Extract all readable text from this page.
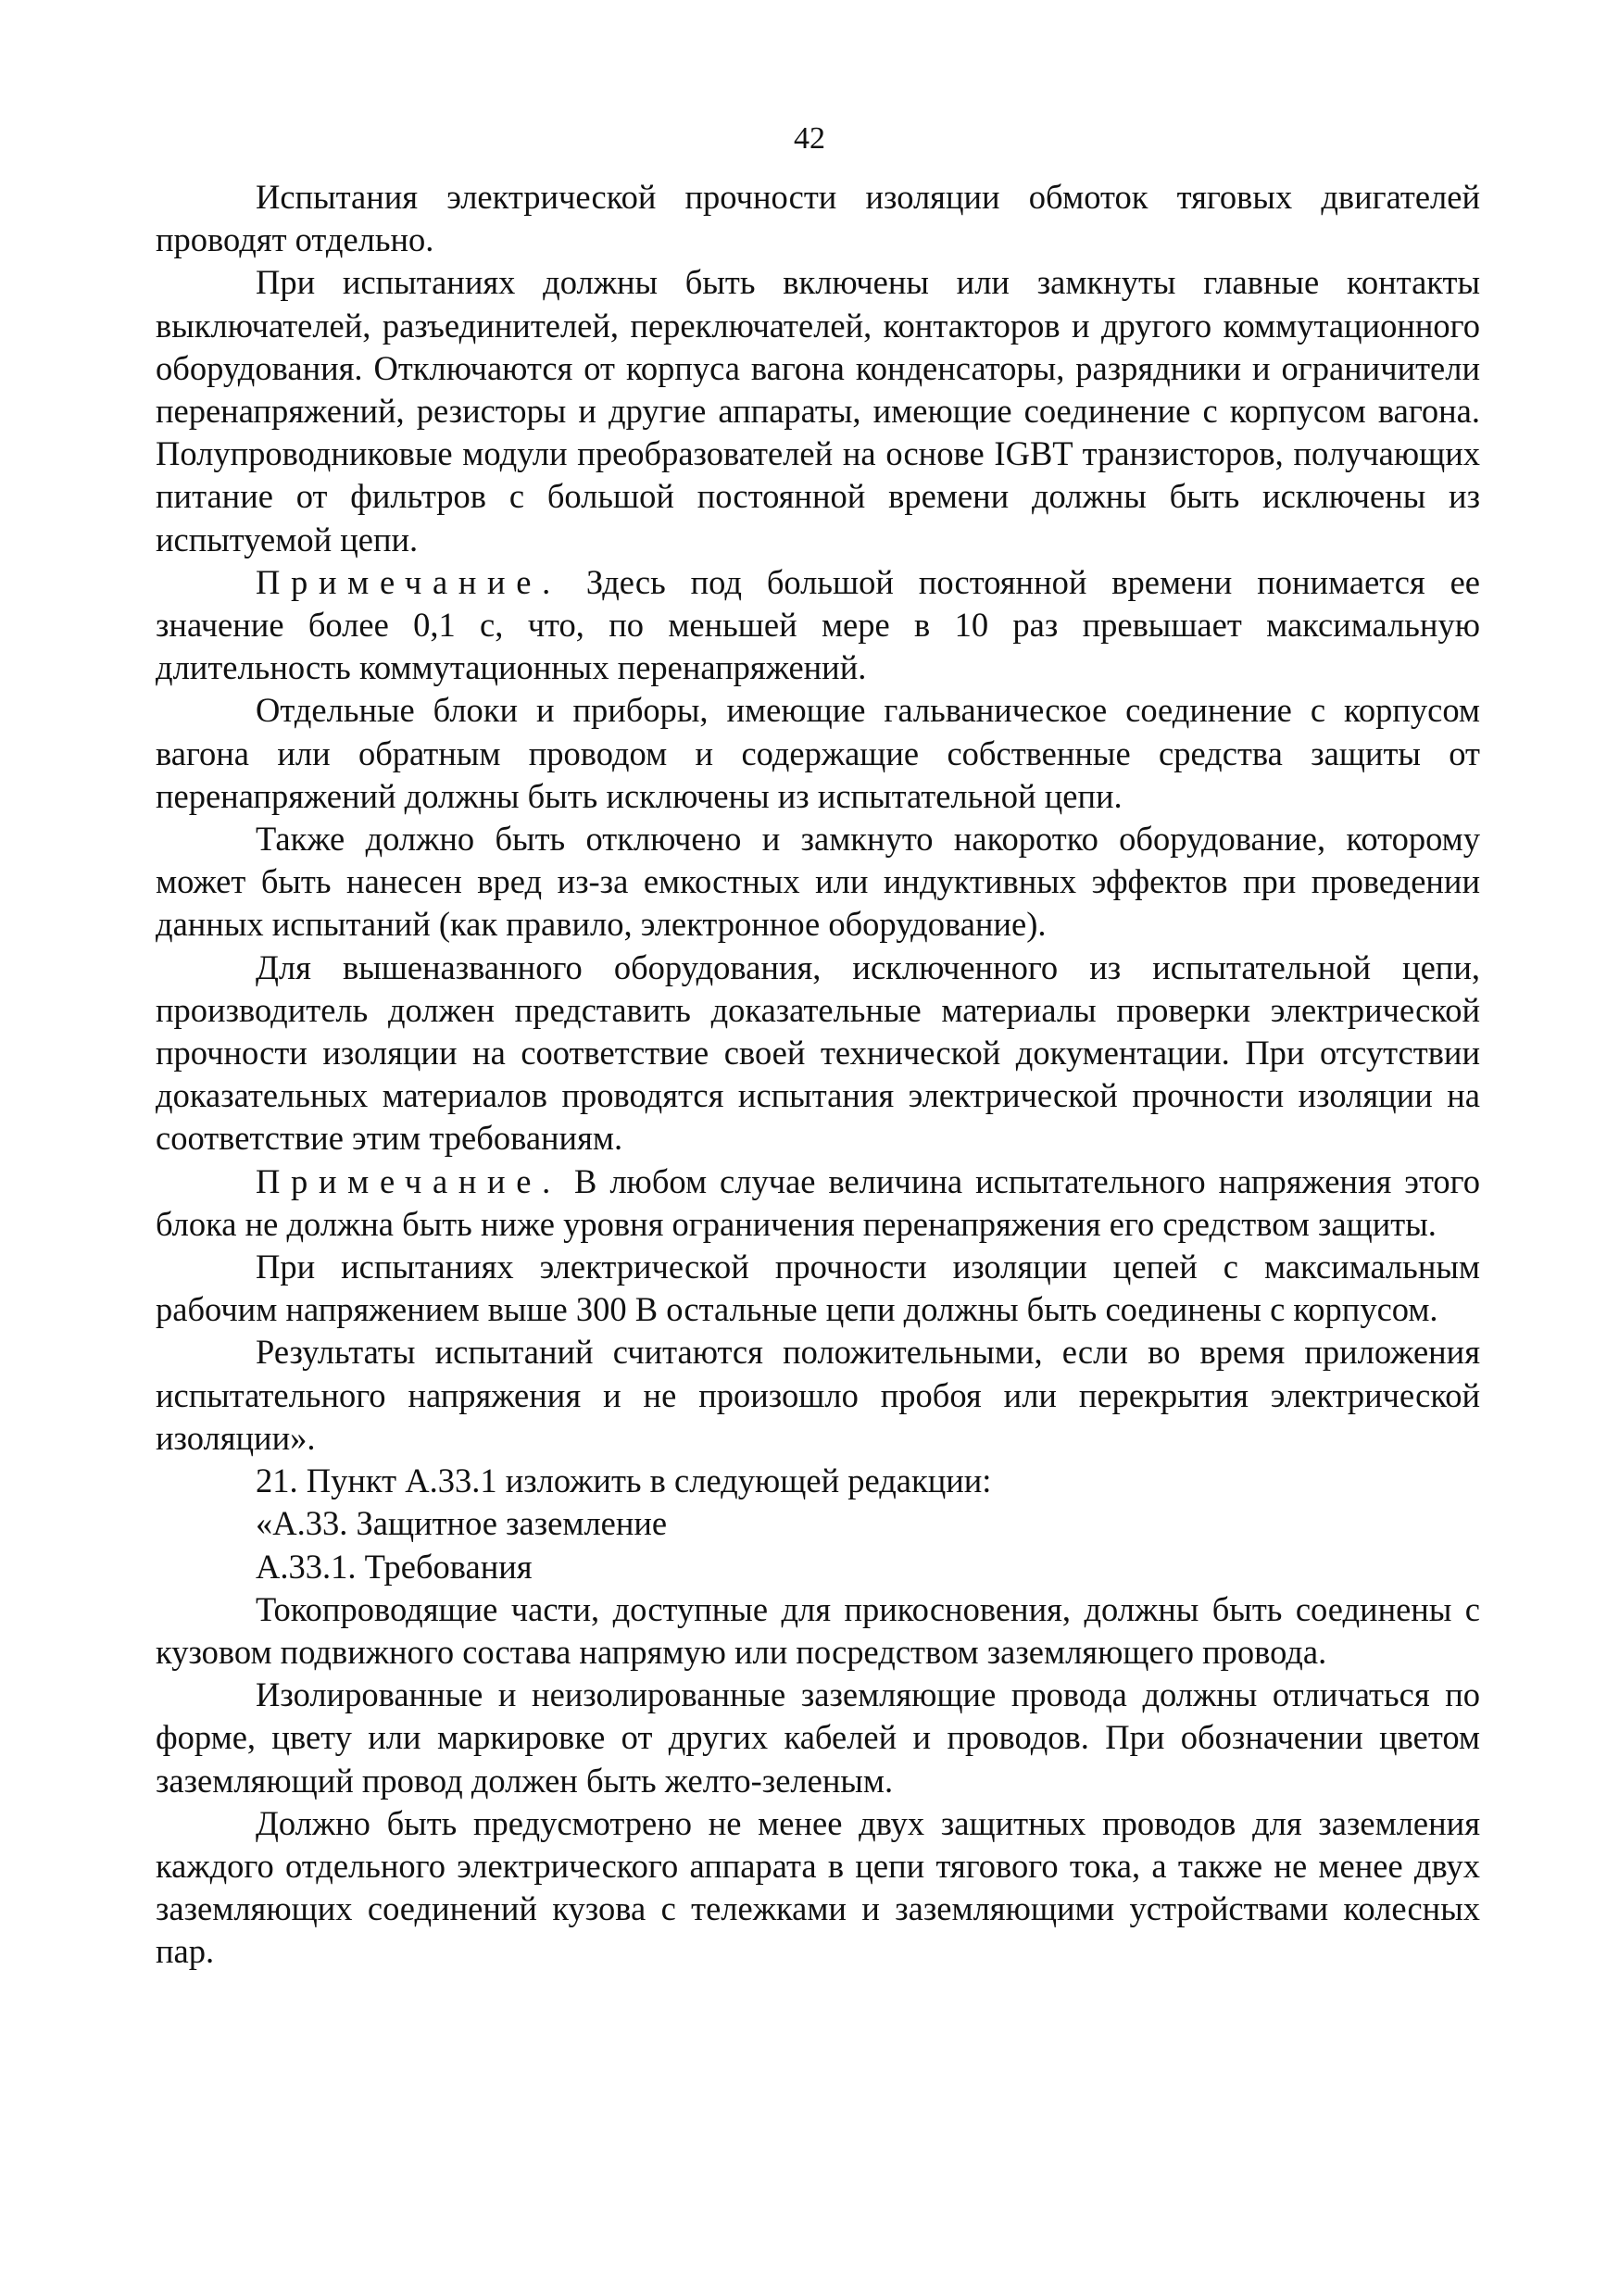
42

Испытания электрической прочности изоляции обмоток тяговых двигателей проводят отдельно.

При испытаниях должны быть включены или замкнуты главные контакты выключателей, разъединителей, переключателей, контакторов и другого коммутационного оборудования. Отключаются от корпуса вагона конденсаторы, разрядники и ограничители перенапряжений, резисторы и другие аппараты, имеющие соединение с корпусом вагона. Полупроводниковые модули преобразователей на основе IGBT транзисторов, получающих питание от фильтров с большой постоянной времени должны быть исключены из испытуемой цепи.

Примечание. Здесь под большой постоянной времени понимается ее значение более 0,1 с, что, по меньшей мере в 10 раз превышает максимальную длительность коммутационных перенапряжений.

Отдельные блоки и приборы, имеющие гальваническое соединение с корпусом вагона или обратным проводом и содержащие собственные средства защиты от перенапряжений должны быть исключены из испытательной цепи.

Также должно быть отключено и замкнуто накоротко оборудование, которому может быть нанесен вред из-за емкостных или индуктивных эффектов при проведении данных испытаний (как правило, электронное оборудование).

Для вышеназванного оборудования, исключенного из испытательной цепи, производитель должен представить доказательные материалы проверки электрической прочности изоляции на соответствие своей технической документации. При отсутствии доказательных материалов проводятся испытания электрической прочности изоляции на соответствие этим требованиям.

Примечание. В любом случае величина испытательного напряжения этого блока не должна быть ниже уровня ограничения перенапряжения его средством защиты.

При испытаниях электрической прочности изоляции цепей с максимальным рабочим напряжением выше 300 В остальные цепи должны быть соединены с корпусом.

Результаты испытаний считаются положительными, если во время приложения испытательного напряжения и не произошло пробоя или перекрытия электрической изоляции».

21. Пункт А.33.1 изложить в следующей редакции:

«А.33. Защитное заземление

А.33.1. Требования

Токопроводящие части, доступные для прикосновения, должны быть соединены с кузовом подвижного состава напрямую или посредством заземляющего провода.

Изолированные и неизолированные заземляющие провода должны отличаться по форме, цвету или маркировке от других кабелей и проводов. При обозначении цветом заземляющий провод должен быть желто-зеленым.

Должно быть предусмотрено не менее двух защитных проводов для заземления каждого отдельного электрического аппарата в цепи тягового тока, а также не менее двух заземляющих соединений кузова с тележками и заземляющими устройствами колесных пар.
